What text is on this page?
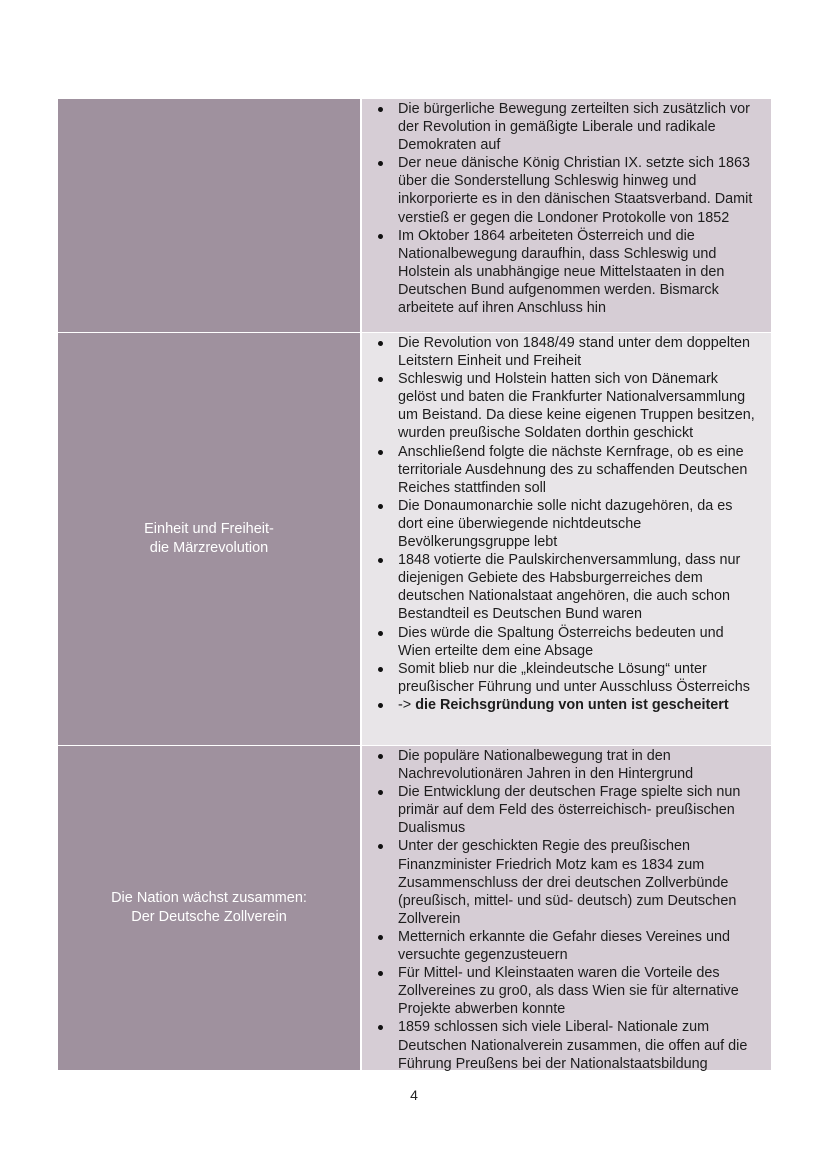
Die bürgerliche Bewegung zerteilten sich zusätzlich vor der Revolution in gemäßigte Liberale und radikale Demokraten auf
Der neue dänische König Christian IX. setzte sich 1863 über die Sonderstellung Schleswig hinweg und inkorporierte es in den dänischen Staatsverband. Damit verstieß er gegen die Londoner Protokolle von 1852
Im Oktober 1864 arbeiteten Österreich und die Nationalbewegung daraufhin, dass Schleswig und Holstein als unabhängige neue Mittelstaaten in den Deutschen Bund aufgenommen werden. Bismarck arbeitete auf ihren Anschluss hin
Einheit und Freiheit-
die Märzrevolution
Die Revolution von 1848/49 stand unter dem doppelten Leitstern Einheit und Freiheit
Schleswig und Holstein hatten sich von Dänemark gelöst und baten die Frankfurter Nationalversammlung um Beistand. Da diese keine eigenen Truppen besitzen, wurden preußische Soldaten dorthin geschickt
Anschließend folgte die nächste Kernfrage, ob es eine territoriale Ausdehnung des zu schaffenden Deutschen Reiches stattfinden soll
Die Donaumonarchie solle nicht dazugehören, da es dort eine überwiegende nichtdeutsche Bevölkerungsgruppe lebt
1848 votierte die Paulskirchenversammlung, dass nur diejenigen Gebiete des Habsburgerreiches dem deutschen Nationalstaat angehören, die auch schon Bestandteil es Deutschen Bund waren
Dies würde die Spaltung Österreichs bedeuten und Wien erteilte dem eine Absage
Somit blieb nur die „kleindeutsche Lösung“ unter preußischer Führung und unter Ausschluss Österreichs
-> die Reichsgründung von unten ist gescheitert
Die Nation wächst zusammen:
Der Deutsche Zollverein
Die populäre Nationalbewegung trat in den Nachrevolutionären Jahren in den Hintergrund
Die Entwicklung der deutschen Frage spielte sich nun primär auf dem Feld des österreichisch- preußischen Dualismus
Unter der geschickten Regie des preußischen Finanzminister Friedrich Motz kam es 1834 zum Zusammenschluss der drei deutschen Zollverbünde (preußisch, mittel- und süd- deutsch) zum Deutschen Zollverein
Metternich erkannte die Gefahr dieses Vereines und versuchte gegenzusteuern
Für Mittel- und Kleinstaaten waren die Vorteile des Zollvereines zu gro0, als dass Wien sie für alternative Projekte abwerben konnte
1859 schlossen sich viele Liberal- Nationale zum Deutschen Nationalverein zusammen, die offen auf die Führung Preußens bei der Nationalstaatsbildung
4
